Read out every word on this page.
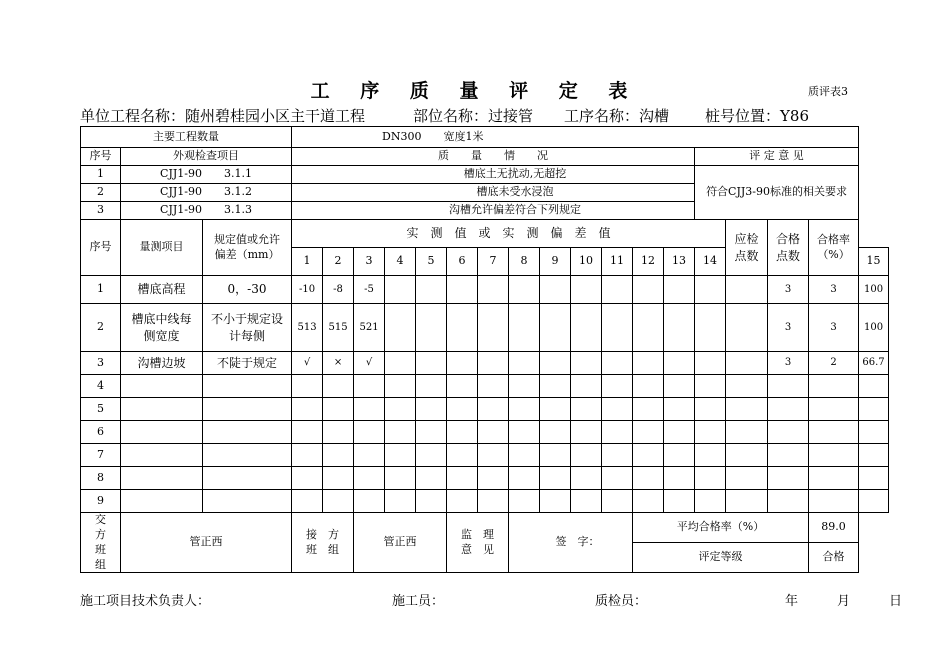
工 序 质 量 评 定 表	质评表3
单位工程名称：随州碧桂园小区主干道工程	部位名称：过接管 工序名称：沟槽 桩号位置：Y86
主要工程数量			DN300　　宽度1米																	
序号	外观检查项目		质　　量　　情　　况													评 定 意 见				
1	CJJ1-90　　3.1.1		槽底土无扰动,无超挖													符合CJJ3-90标准的相关要求				
2	CJJ1-90　　3.1.2		槽底未受水浸泡																	
3	CJJ1-90　　3.1.3		沟槽允许偏差符合下列规定																	
序号	量测项目	规定值或允许偏差（mm）	实　测　值　或　实　测　偏　差　值														应检点数	合格点数	合格率（%）	
			1	2	3	4	5	6	7	8	9	10	11	12	13	14				15
1	槽底高程	0，-30	-10	-8	-5													3	3	100
2	槽底中线每侧宽度	不小于规定设计每侧	513	515	521													3	3	100
3	沟槽边坡	不陡于规定	√	×	√													3	2	66.7
4																				
5																				
6																				
7																				
8																				
9																				
交　方 班　组	管正西		接　方 班　组		管正西			监　理 意　见		签　字：				平均合格率（%）					89.0	
														评定等级					合格	
施工项目技术负责人：	施工员：	质检员：	年　　　月　　　日
